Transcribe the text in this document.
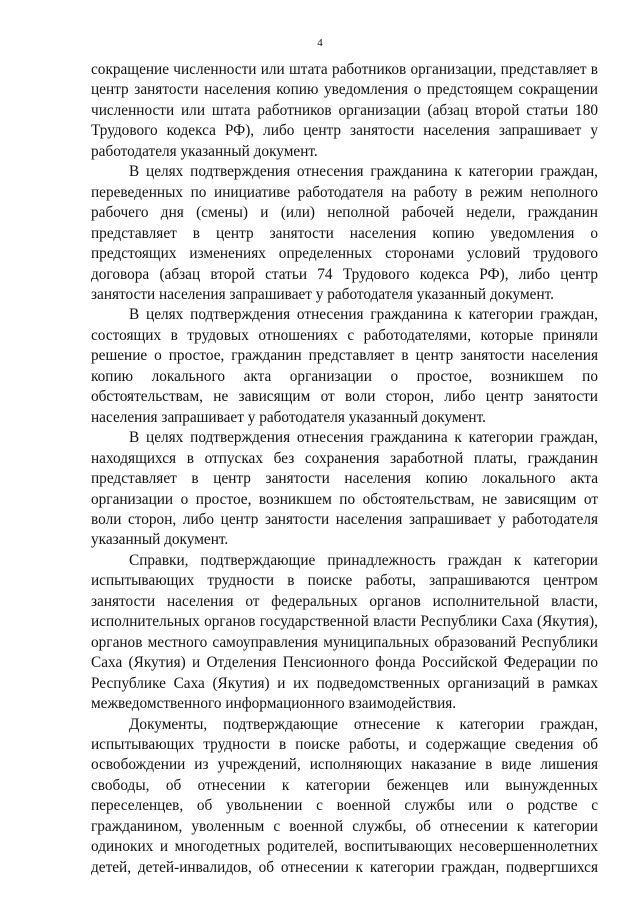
4

сокращение численности или штата работников организации, представляет в центр занятости населения копию уведомления о предстоящем сокращении численности или штата работников организации (абзац второй статьи 180 Трудового кодекса РФ), либо центр занятости населения запрашивает у работодателя указанный документ.

В целях подтверждения отнесения гражданина к категории граждан, переведенных по инициативе работодателя на работу в режим неполного рабочего дня (смены) и (или) неполной рабочей недели, гражданин представляет в центр занятости населения копию уведомления о предстоящих изменениях определенных сторонами условий трудового договора (абзац второй статьи 74 Трудового кодекса РФ), либо центр занятости населения запрашивает у работодателя указанный документ.

В целях подтверждения отнесения гражданина к категории граждан, состоящих в трудовых отношениях с работодателями, которые приняли решение о простое, гражданин представляет в центр занятости населения копию локального акта организации о простое, возникшем по обстоятельствам, не зависящим от воли сторон, либо центр занятости населения запрашивает у работодателя указанный документ.

В целях подтверждения отнесения гражданина к категории граждан, находящихся в отпусках без сохранения заработной платы, гражданин представляет в центр занятости населения копию локального акта организации о простое, возникшем по обстоятельствам, не зависящим от воли сторон, либо центр занятости населения запрашивает у работодателя указанный документ.

Справки, подтверждающие принадлежность граждан к категории испытывающих трудности в поиске работы, запрашиваются центром занятости населения от федеральных органов исполнительной власти, исполнительных органов государственной власти Республики Саха (Якутия), органов местного самоуправления муниципальных образований Республики Саха (Якутия) и Отделения Пенсионного фонда Российской Федерации по Республике Саха (Якутия) и их подведомственных организаций в рамках межведомственного информационного взаимодействия.

Документы, подтверждающие отнесение к категории граждан, испытывающих трудности в поиске работы, и содержащие сведения об освобождении из учреждений, исполняющих наказание в виде лишения свободы, об отнесении к категории беженцев или вынужденных переселенцев, об увольнении с военной службы или о родстве с гражданином, уволенным с военной службы, об отнесении к категории одиноких и многодетных родителей, воспитывающих несовершеннолетних детей, детей-инвалидов, об отнесении к категории граждан, подвергшихся
